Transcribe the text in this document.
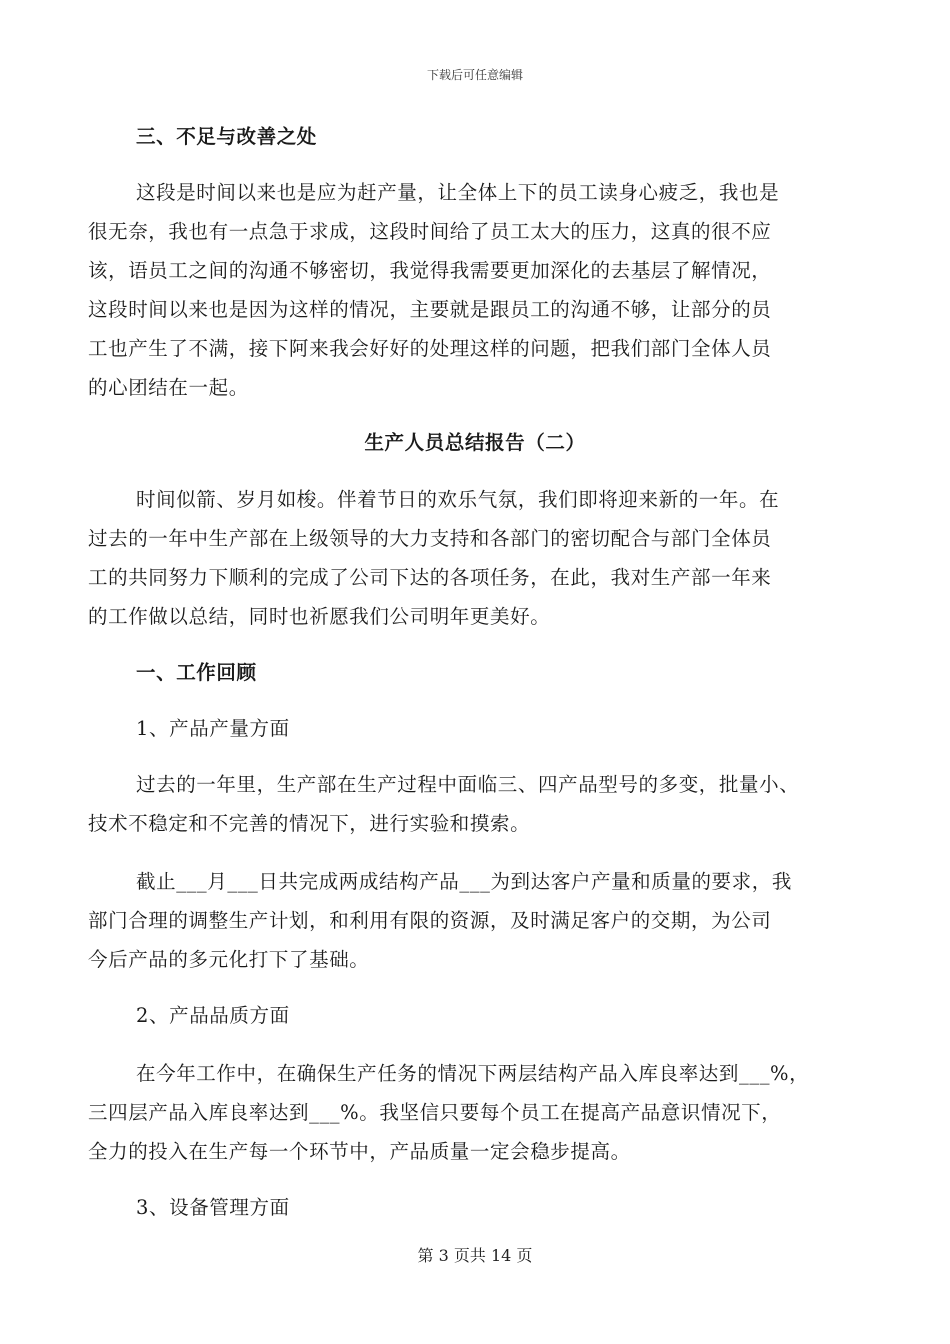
下载后可任意编辑
三、不足与改善之处
这段是时间以来也是应为赶产量，让全体上下的员工读身心疲乏，我也是
很无奈，我也有一点急于求成，这段时间给了员工太大的压力，这真的很不应
该，语员工之间的沟通不够密切，我觉得我需要更加深化的去基层了解情况，
这段时间以来也是因为这样的情况，主要就是跟员工的沟通不够，让部分的员
工也产生了不满，接下阿来我会好好的处理这样的问题，把我们部门全体人员
的心团结在一起。
生产人员总结报告（二）
时间似箭、岁月如梭。伴着节日的欢乐气氛，我们即将迎来新的一年。在
过去的一年中生产部在上级领导的大力支持和各部门的密切配合与部门全体员
工的共同努力下顺利的完成了公司下达的各项任务，在此，我对生产部一年来
的工作做以总结，同时也祈愿我们公司明年更美好。
一、工作回顾
1、产品产量方面
过去的一年里，生产部在生产过程中面临三、四产品型号的多变，批量小、
技术不稳定和不完善的情况下，进行实验和摸索。
截止___月___日共完成两成结构产品___为到达客户产量和质量的要求，我
部门合理的调整生产计划，和利用有限的资源，及时满足客户的交期，为公司
今后产品的多元化打下了基础。
2、产品品质方面
在今年工作中，在确保生产任务的情况下两层结构产品入库良率达到___%，
三四层产品入库良率达到___%。我坚信只要每个员工在提高产品意识情况下，
全力的投入在生产每一个环节中，产品质量一定会稳步提高。
3、设备管理方面
第 3 页共 14 页
